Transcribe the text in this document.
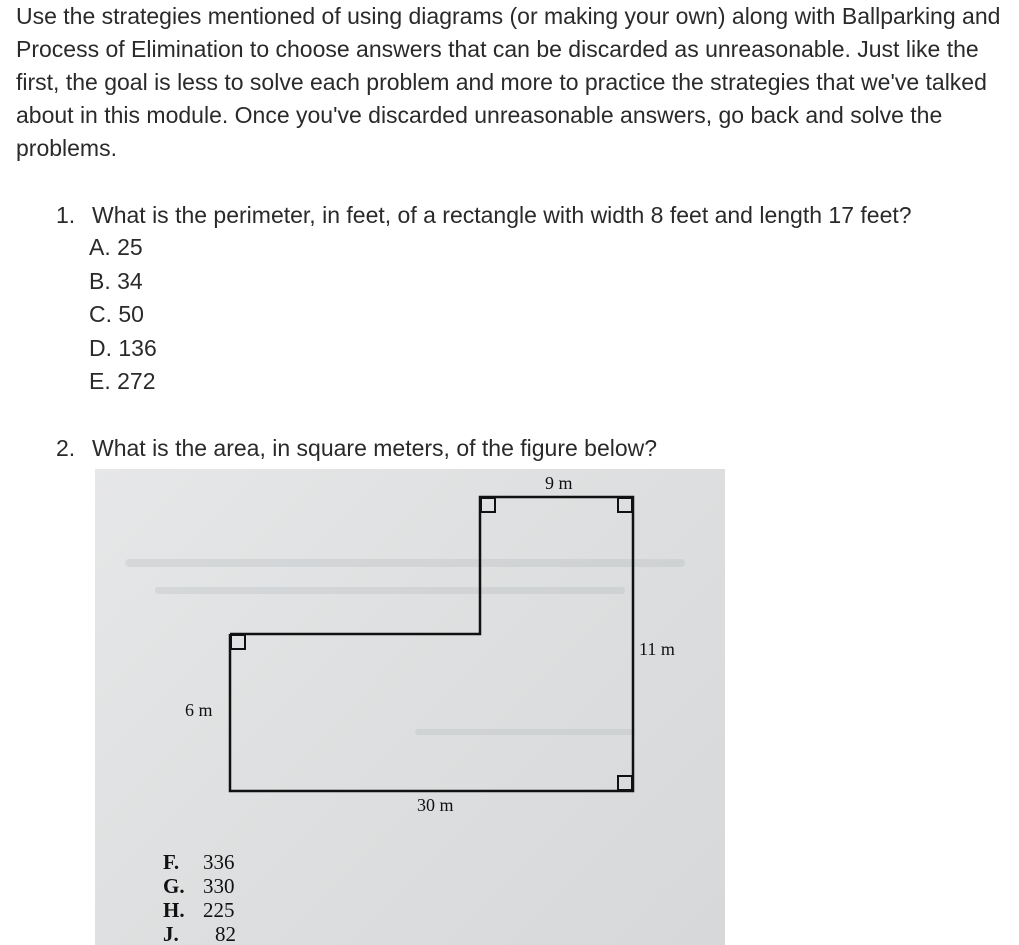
Use the strategies mentioned of using diagrams (or making your own) along with Ballparking and Process of Elimination to choose answers that can be discarded as unreasonable. Just like the first, the goal is less to solve each problem and more to practice the strategies that we've talked about in this module. Once you've discarded unreasonable answers, go back and solve the problems.

1. What is the perimeter, in feet, of a rectangle with width 8 feet and length 17 feet?
A. 25
B. 34
C. 50
D. 136
E. 272
2. What is the area, in square meters, of the figure below?
9 m
11 m
6 m
30 m
F. 336
G. 330
H. 225
J. 82
